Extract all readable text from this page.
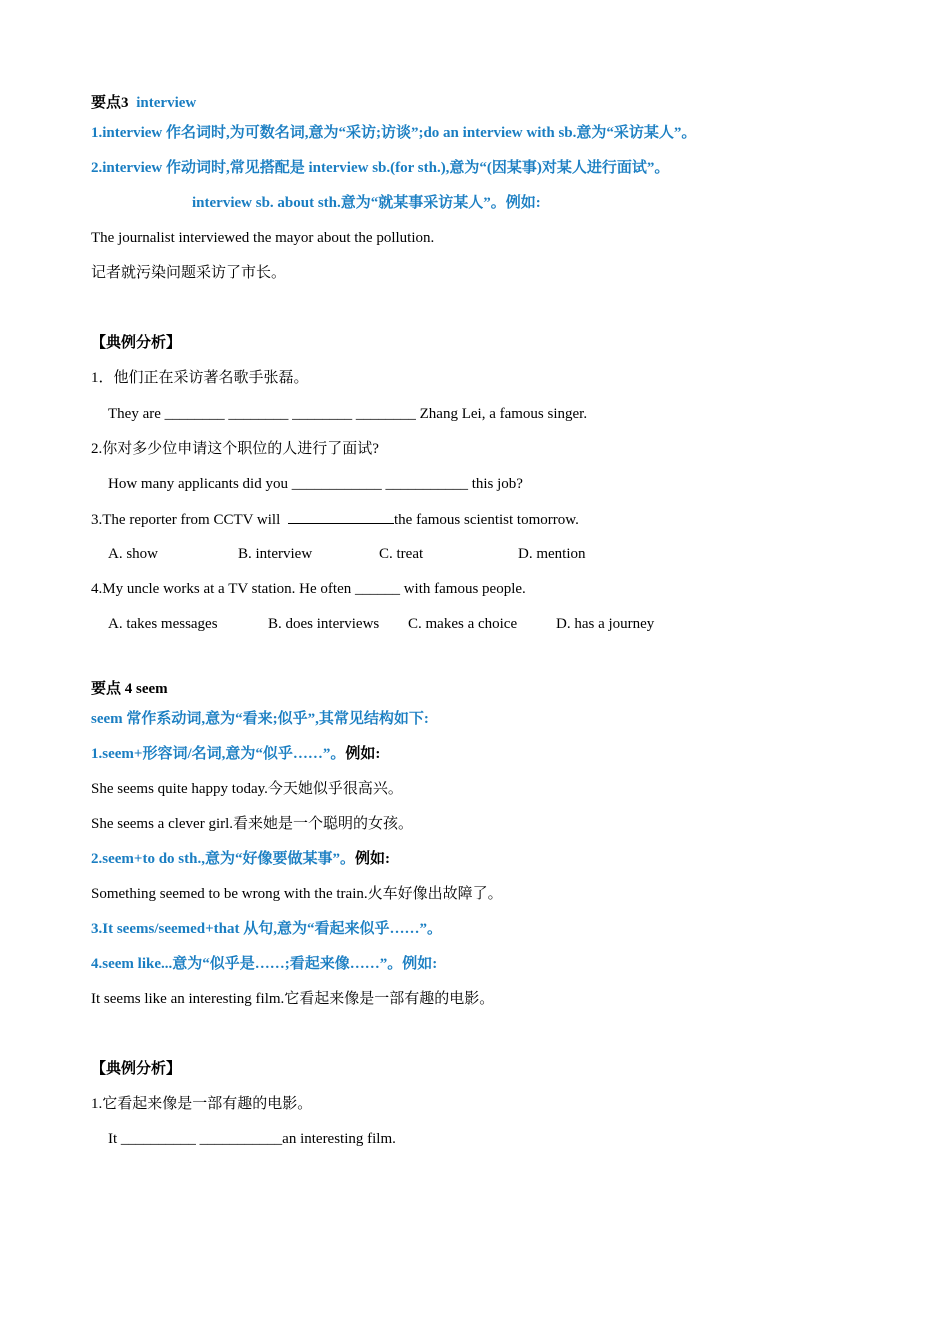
要点3 interview
1.interview 作名词时,为可数名词,意为“采访;访谈”;do an interview with sb.意为“采访某人”。
2.interview 作动词时,常见搭配是 interview sb.(for sth.),意为“(因某事)对某人进行面试”。
interview sb. about sth.意为“就某事采访某人”。例如:
The journalist interviewed the mayor about the pollution.
记者就污染问题采访了市长。
【典例分析】
1．他们正在采访著名歌手张磊。
They are ________ ________ ________ ________ Zhang Lei, a famous singer.
2.你对多少位申请这个职位的人进行了面试?
How many applicants did you ____________ ___________ this job?
3.The reporter from CCTV will	the famous scientist tomorrow.
A. show	B. interview	C. treat	D. mention
4.My uncle works at a TV station. He often ______ with famous people.
A. takes messages	B. does interviews C. makes a choice	D. has a journey
要点 4 seem
seem 常作系动词,意为“看来;似乎”,其常见结构如下:
1.seem+形容词/名词,意为“似乎……”。例如:
She seems quite happy today.今天她似乎很高兴。
She seems a clever girl.看来她是一个聪明的女孩。
2.seem+to do sth.,意为“好像要做某事”。例如:
Something seemed to be wrong with the train.火车好像出故障了。
3.It seems/seemed+that 从句,意为“看起来似乎……”。
4.seem like...意为“似乎是……;看起来像……”。例如:
It seems like an interesting film.它看起来像是一部有趣的电影。
【典例分析】
1.它看起来像是一部有趣的电影。
It __________ ___________an interesting film.
